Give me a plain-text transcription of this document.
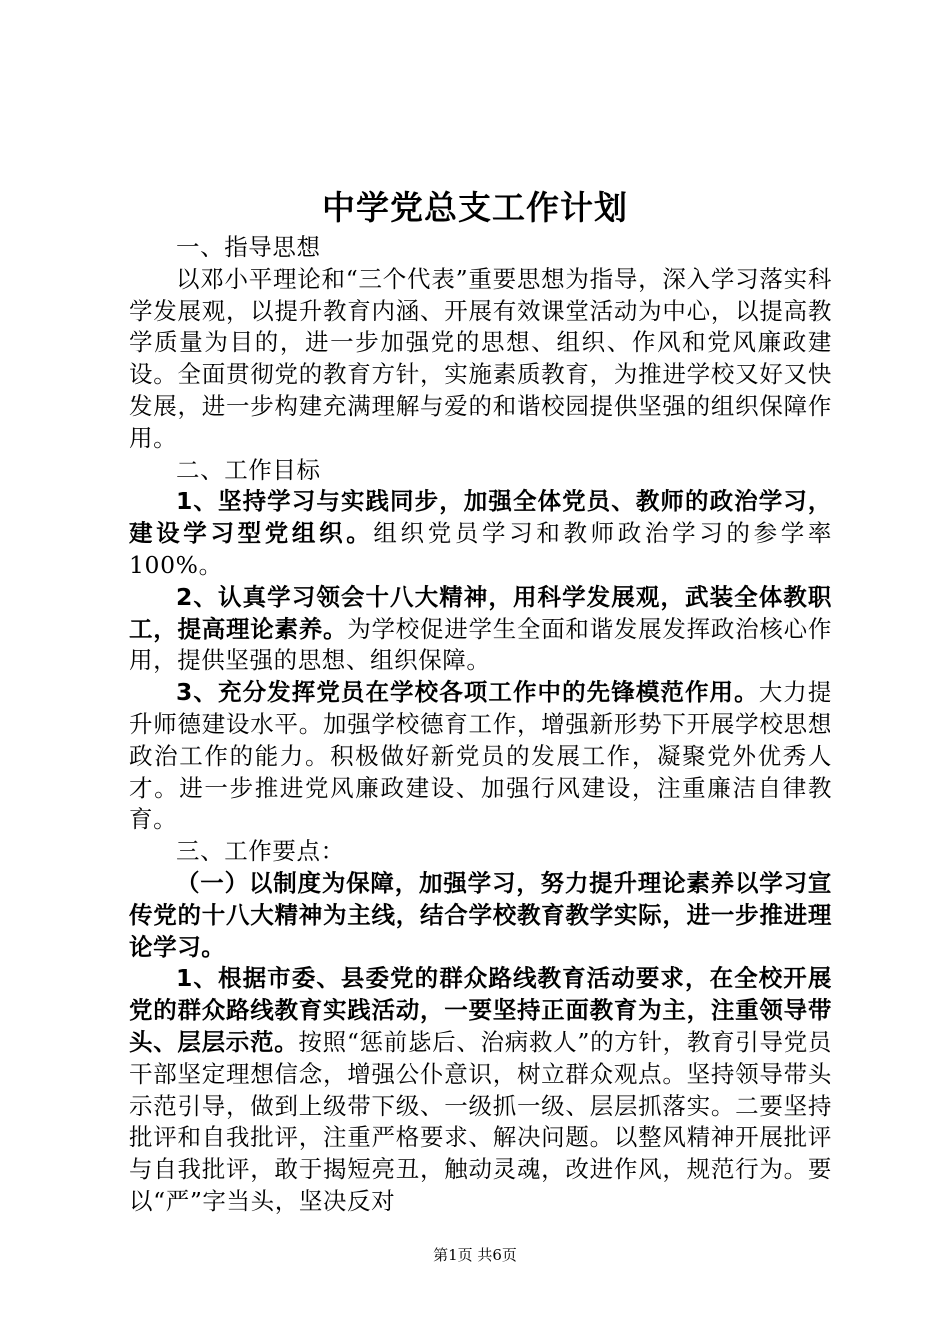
中学党总支工作计划

一、指导思想

以邓小平理论和“三个代表”重要思想为指导，深入学习落实科学发展观，以提升教育内涵、开展有效课堂活动为中心，以提高教学质量为目的，进一步加强党的思想、组织、作风和党风廉政建设。全面贯彻党的教育方针，实施素质教育，为推进学校又好又快发展，进一步构建充满理解与爱的和谐校园提供坚强的组织保障作用。

二、工作目标

1、坚持学习与实践同步，加强全体党员、教师的政治学习，建设学习型党组织。组织党员学习和教师政治学习的参学率100%。

2、认真学习领会十八大精神，用科学发展观，武装全体教职工，提高理论素养。为学校促进学生全面和谐发展发挥政治核心作用，提供坚强的思想、组织保障。

3、充分发挥党员在学校各项工作中的先锋模范作用。大力提升师德建设水平。加强学校德育工作，增强新形势下开展学校思想政治工作的能力。积极做好新党员的发展工作，凝聚党外优秀人才。进一步推进党风廉政建设、加强行风建设，注重廉洁自律教育。

三、工作要点：

（一）以制度为保障，加强学习，努力提升理论素养以学习宣传党的十八大精神为主线，结合学校教育教学实际，进一步推进理论学习。

1、根据市委、县委党的群众路线教育活动要求，在全校开展党的群众路线教育实践活动，一要坚持正面教育为主，注重领导带头、层层示范。按照“惩前毖后、治病救人”的方针，教育引导党员干部坚定理想信念，增强公仆意识，树立群众观点。坚持领导带头示范引导，做到上级带下级、一级抓一级、层层抓落实。二要坚持批评和自我批评，注重严格要求、解决问题。以整风精神开展批评与自我批评，敢于揭短亮丑，触动灵魂，改进作风，规范行为。要以“严”字当头，坚决反对

第1页 共6页
